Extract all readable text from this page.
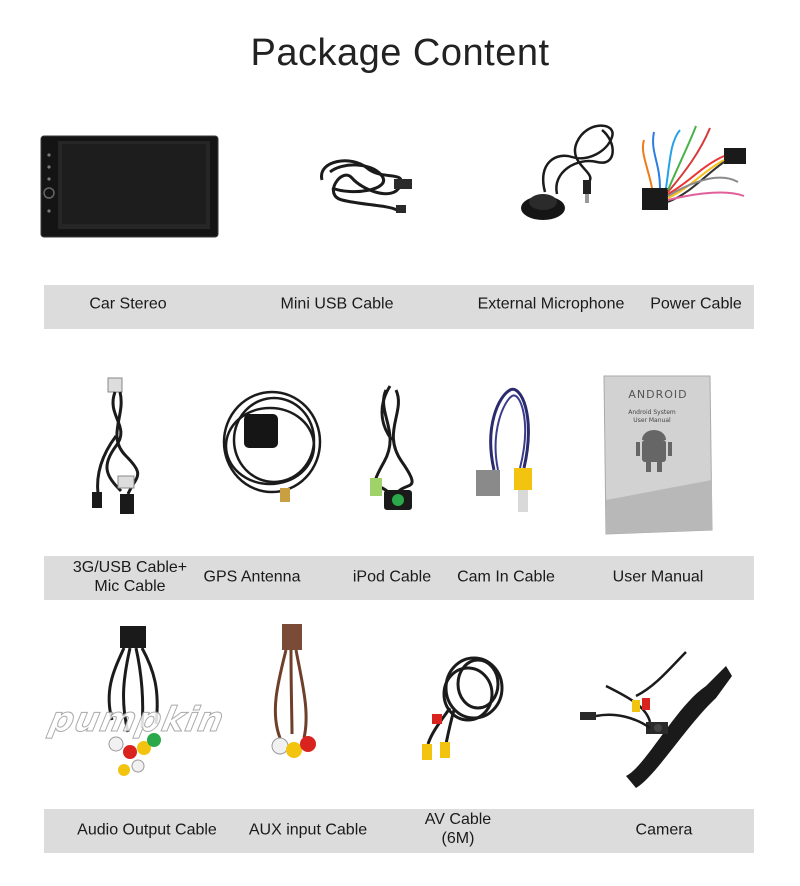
Package Content
Car Stereo	Mini USB Cable	External Microphone Power Cable
ANDROID
Android System
User Manual
3G/USB Cable+
Mic Cable
GPS Antenna	iPod Cable Cam In Cable	User Manual
pumpkin
Audio Output Cable AUX input Cable
AV Cable
(6M)	Camera
